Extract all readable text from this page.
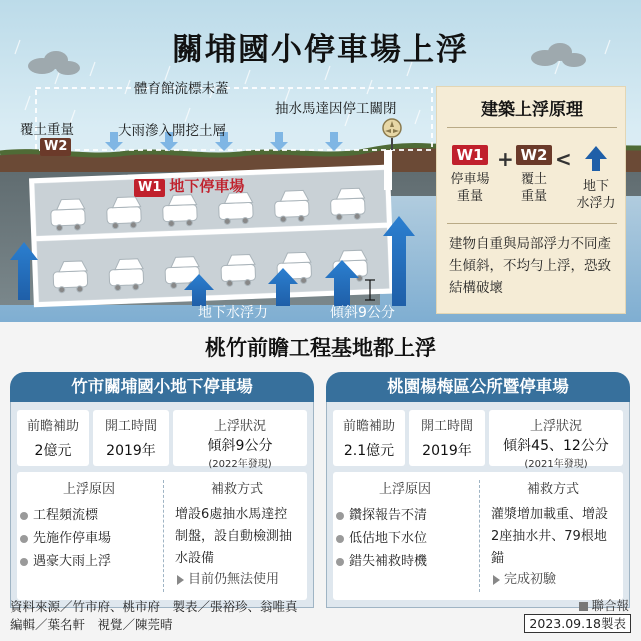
關埔國小停車場上浮
體育館流標未蓋
大雨滲入開挖土層
覆土重量
W2
抽水馬達因停工關閉
W1 地下停車場
地下水浮力	傾斜9公分
建築上浮原理
W1
停車場
重量
+ W2
覆土
重量
<
地下
水浮力
建物自重與局部浮力不同產生傾斜，不均勻上浮，恐致結構破壞
桃竹前瞻工程基地都上浮
竹市關埔國小地下停車場
前瞻補助
2億元
開工時間
2019年
上浮狀況
傾斜9公分
(2022年發現)
上浮原因
工程頻流標
先施作停車場
遇豪大雨上浮
補救方式
增設6處抽水馬達控制盤，設自動檢測抽水設備
目前仍無法使用
桃園楊梅區公所暨停車場
前瞻補助
2.1億元
開工時間
2019年
上浮狀況
傾斜45、12公分
(2021年發現)
上浮原因
鑽探報告不清
低估地下水位
錯失補救時機
補救方式
灌漿增加載重、增設2座抽水井、79根地錨
完成初驗
資料來源／竹市府、桃市府　製表／張裕珍、翁唯真
編輯／葉名軒　視覺／陳莞晴
聯合報
2023.09.18製表
